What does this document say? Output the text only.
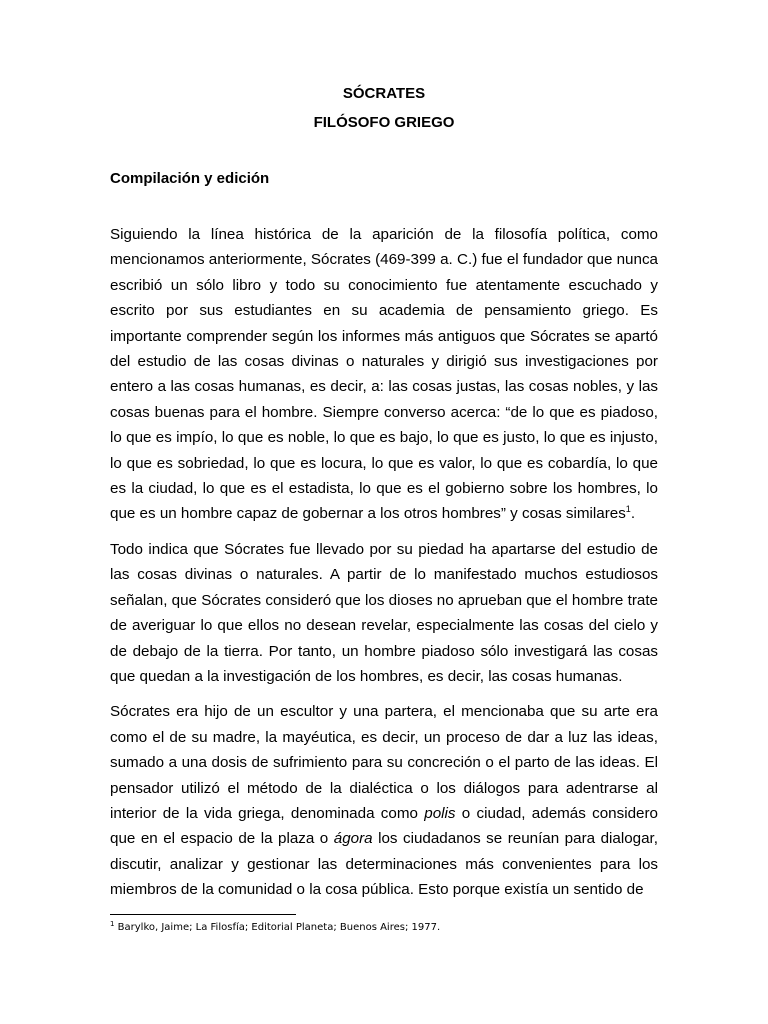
SÓCRATES
FILÓSOFO GRIEGO
Compilación y edición

Siguiendo la línea histórica de la aparición de la filosofía política, como mencionamos anteriormente, Sócrates (469-399 a. C.) fue el fundador que nunca escribió un sólo libro y todo su conocimiento fue atentamente escuchado y escrito por sus estudiantes en su academia de pensamiento griego. Es importante comprender según los informes más antiguos que Sócrates se apartó del estudio de las cosas divinas o naturales y dirigió sus investigaciones por entero a las cosas humanas, es decir, a: las cosas justas, las cosas nobles, y las cosas buenas para el hombre. Siempre converso acerca: “de lo que es piadoso, lo que es impío, lo que es noble, lo que es bajo, lo que es justo, lo que es injusto, lo que es sobriedad, lo que es locura, lo que es valor, lo que es cobardía, lo que es la ciudad, lo que es el estadista, lo que es el gobierno sobre los hombres, lo que es un hombre capaz de gobernar a los otros hombres” y cosas similares$^1$.

Todo indica que Sócrates fue llevado por su piedad ha apartarse del estudio de las cosas divinas o naturales. A partir de lo manifestado muchos estudiosos señalan, que Sócrates consideró que los dioses no aprueban que el hombre trate de averiguar lo que ellos no desean revelar, especialmente las cosas del cielo y de debajo de la tierra. Por tanto, un hombre piadoso sólo investigará las cosas que quedan a la investigación de los hombres, es decir, las cosas humanas.

Sócrates era hijo de un escultor y una partera, el mencionaba que su arte era como el de su madre, la mayéutica, es decir, un proceso de dar a luz las ideas, sumado a una dosis de sufrimiento para su concreción o el parto de las ideas. El pensador utilizó el método de la dialéctica o los diálogos para adentrarse al interior de la vida griega, denominada como polis o ciudad, además considero que en el espacio de la plaza o ágora los ciudadanos se reunían para dialogar, discutir, analizar y gestionar las determinaciones más convenientes para los miembros de la comunidad o la cosa pública. Esto porque existía un sentido de

$^1$ Barylko, Jaime; La Filosfía; Editorial Planeta; Buenos Aires; 1977.
